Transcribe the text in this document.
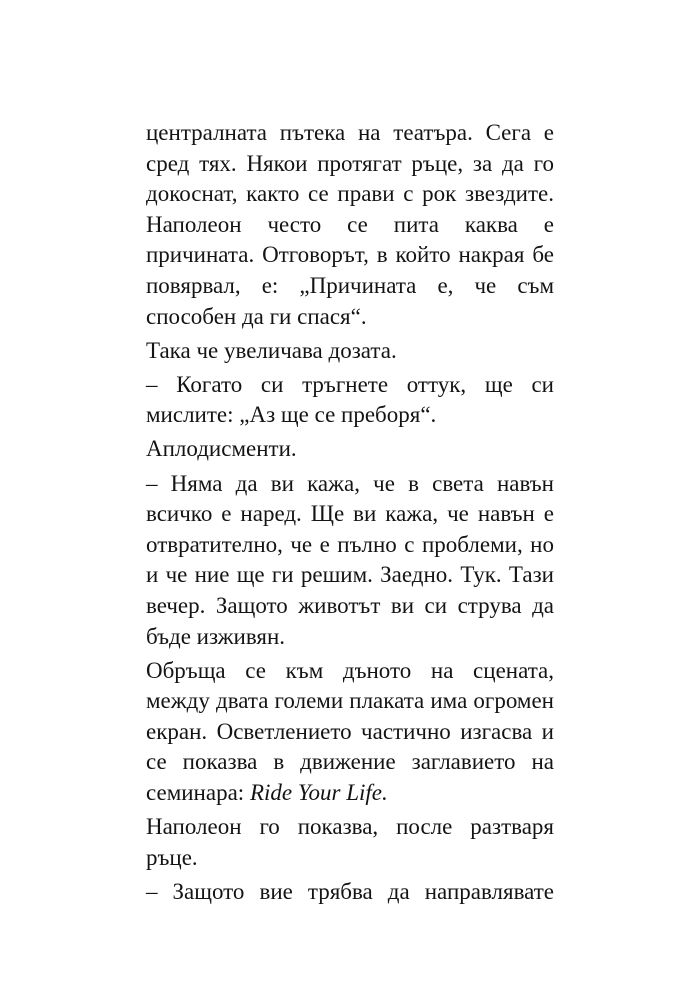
централната пътека на театъра. Сега е
сред тях. Някои протягат ръце, за да го
докоснат, както се прави с рок звездите.
Наполеон често се пита каква е
причината. Отговорът, в който накрая бе
повярвал, е: „Причината е, че съм
способен да ги спася“.
Така че увеличава дозата.
– Когато си тръгнете оттук, ще си
мислите: „Аз ще се преборя“.
Аплодисменти.
– Няма да ви кажа, че в света навън
всичко е наред. Ще ви кажа, че навън е
отвратително, че е пълно с проблеми, но
и че ние ще ги решим. Заедно. Тук. Тази
вечер. Защото животът ви си струва да
бъде изживян.
Обръща се към дъното на сцената,
между двата големи плаката има огромен
екран. Осветлението частично изгасва и
се показва в движение заглавието на
семинара: Ride Your Life.
Наполеон го показва, после разтваря
ръце.
– Защото вие трябва да направлявате
